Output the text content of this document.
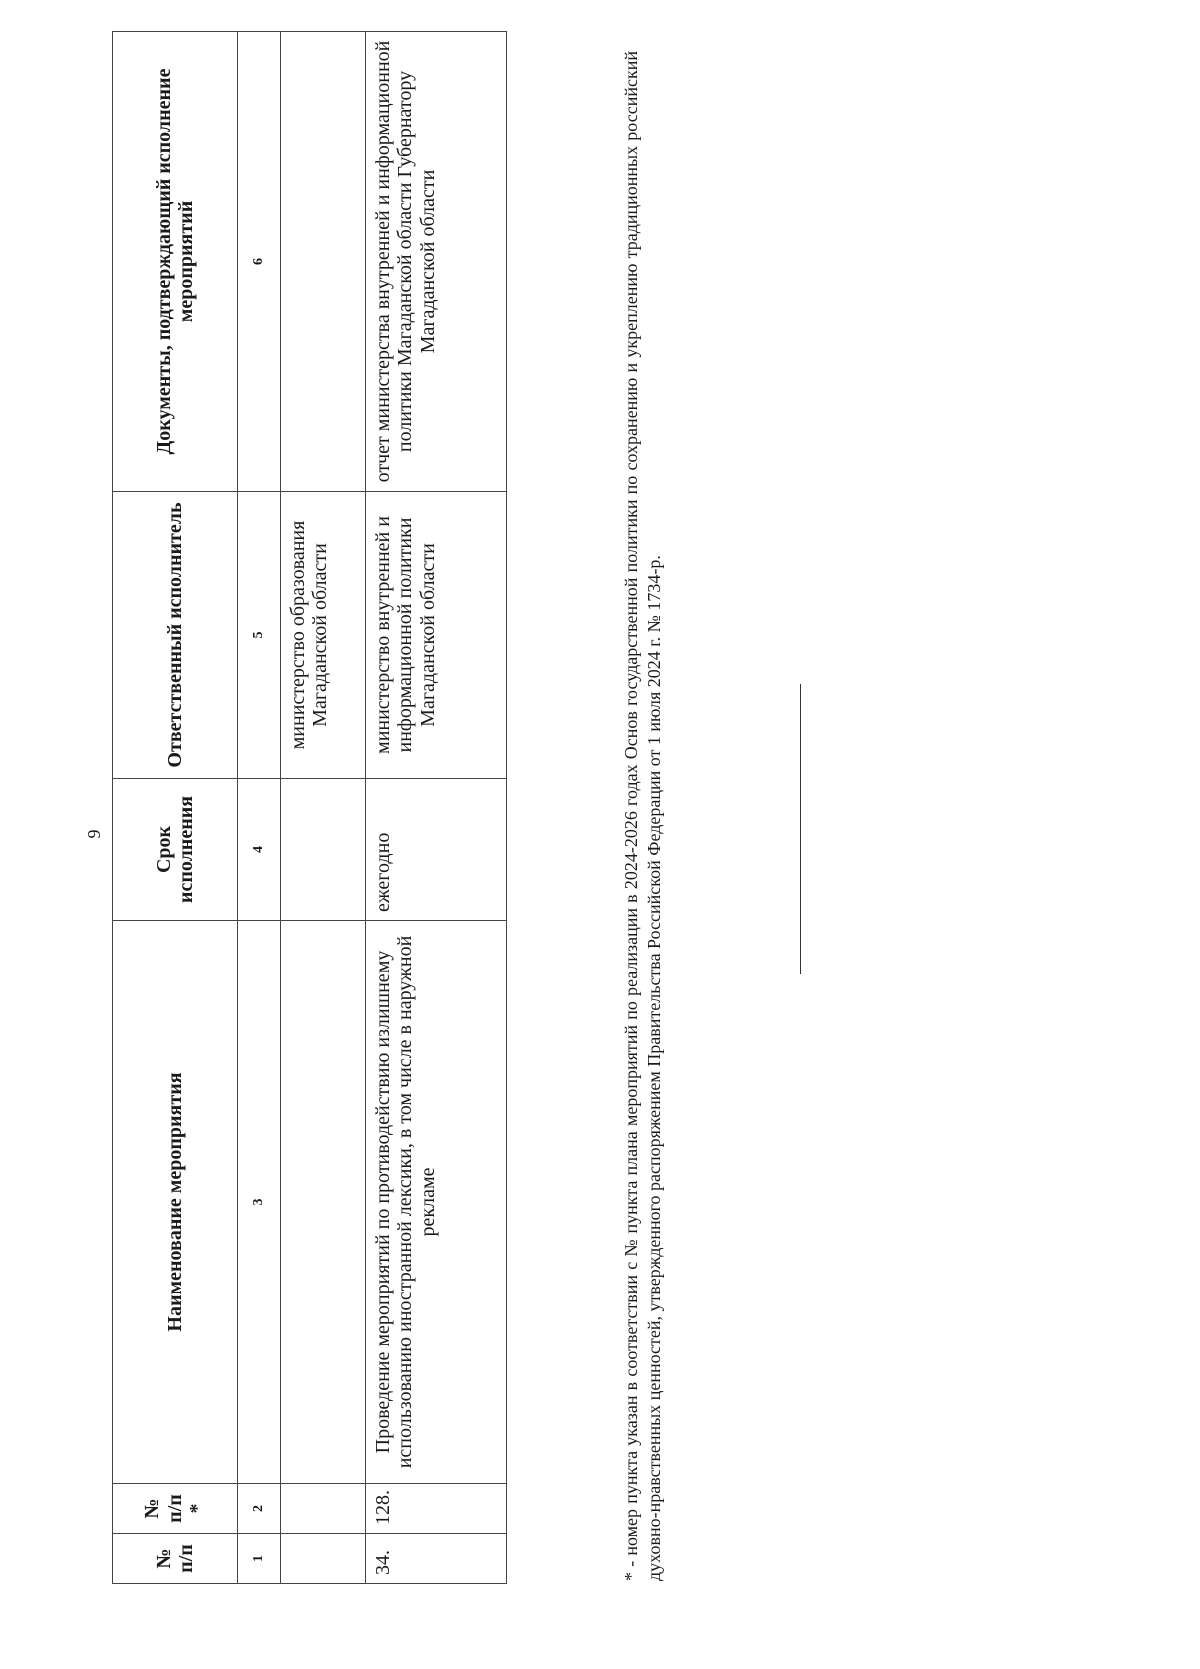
9
№ п/п	№ п/п *	Наименование мероприятия	Срок исполнения	Ответственный исполнитель	Документы, подтверждающий исполнение мероприятий
1	2	3	4	5	6
				министерство образования Магаданской области	
34.	128.	Проведение мероприятий по противодействию излишнему использованию иностранной лексики, в том числе в наружной рекламе	ежегодно	министерство внутренней и информационной политики Магаданской области	отчет министерства внутренней и информационной политики Магаданской области Губернатору Магаданской области	* - номер пункта указан в соответствии с № пункта плана мероприятий по реализации в 2024-2026 годах Основ государственной политики по сохранению и укреплению традиционных российский духовно-нравственных ценностей, утвержденного распоряжением Правительства Российской Федерации от 1 июля 2024 г. № 1734-р.
